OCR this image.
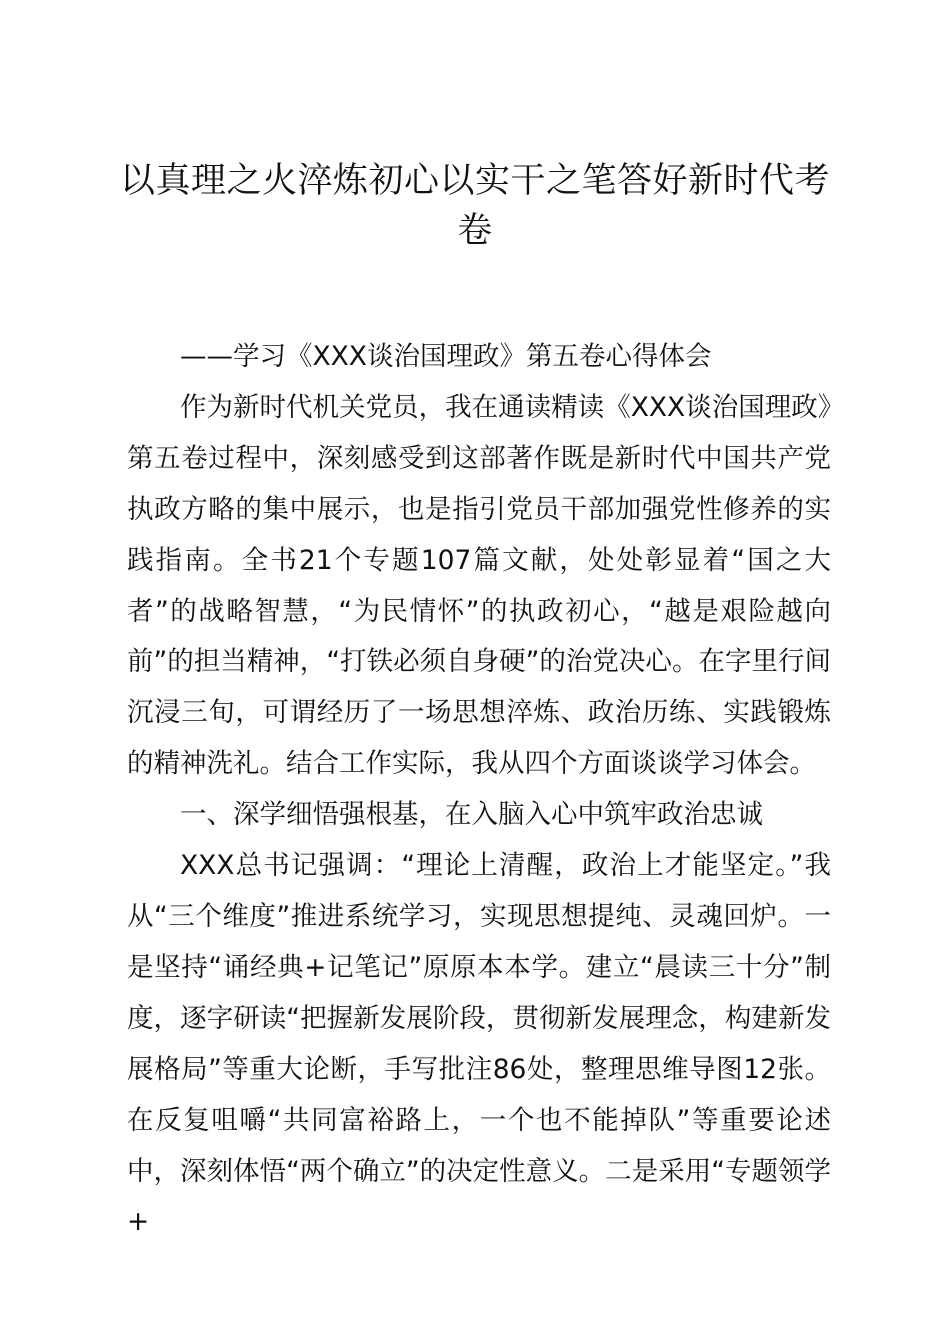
以真理之火淬炼初心以实干之笔答好新时代考卷

——学习《XXX谈治国理政》第五卷心得体会

作为新时代机关党员，我在通读精读《XXX谈治国理政》第五卷过程中，深刻感受到这部著作既是新时代中国共产党执政方略的集中展示，也是指引党员干部加强党性修养的实践指南。全书21个专题107篇文献，处处彰显着“国之大者”的战略智慧，“为民情怀”的执政初心，“越是艰险越向前”的担当精神，“打铁必须自身硬”的治党决心。在字里行间沉浸三旬，可谓经历了一场思想淬炼、政治历练、实践锻炼的精神洗礼。结合工作实际，我从四个方面谈谈学习体会。

一、深学细悟强根基，在入脑入心中筑牢政治忠诚

XXX总书记强调：“理论上清醒，政治上才能坚定。”我从“三个维度”推进系统学习，实现思想提纯、灵魂回炉。一是坚持“诵经典+记笔记”原原本本学。建立“晨读三十分”制度，逐字研读“把握新发展阶段，贯彻新发展理念，构建新发展格局”等重大论断，手写批注86处，整理思维导图12张。在反复咀嚼“共同富裕路上，一个也不能掉队”等重要论述中，深刻体悟“两个确立”的决定性意义。二是采用“专题领学+
